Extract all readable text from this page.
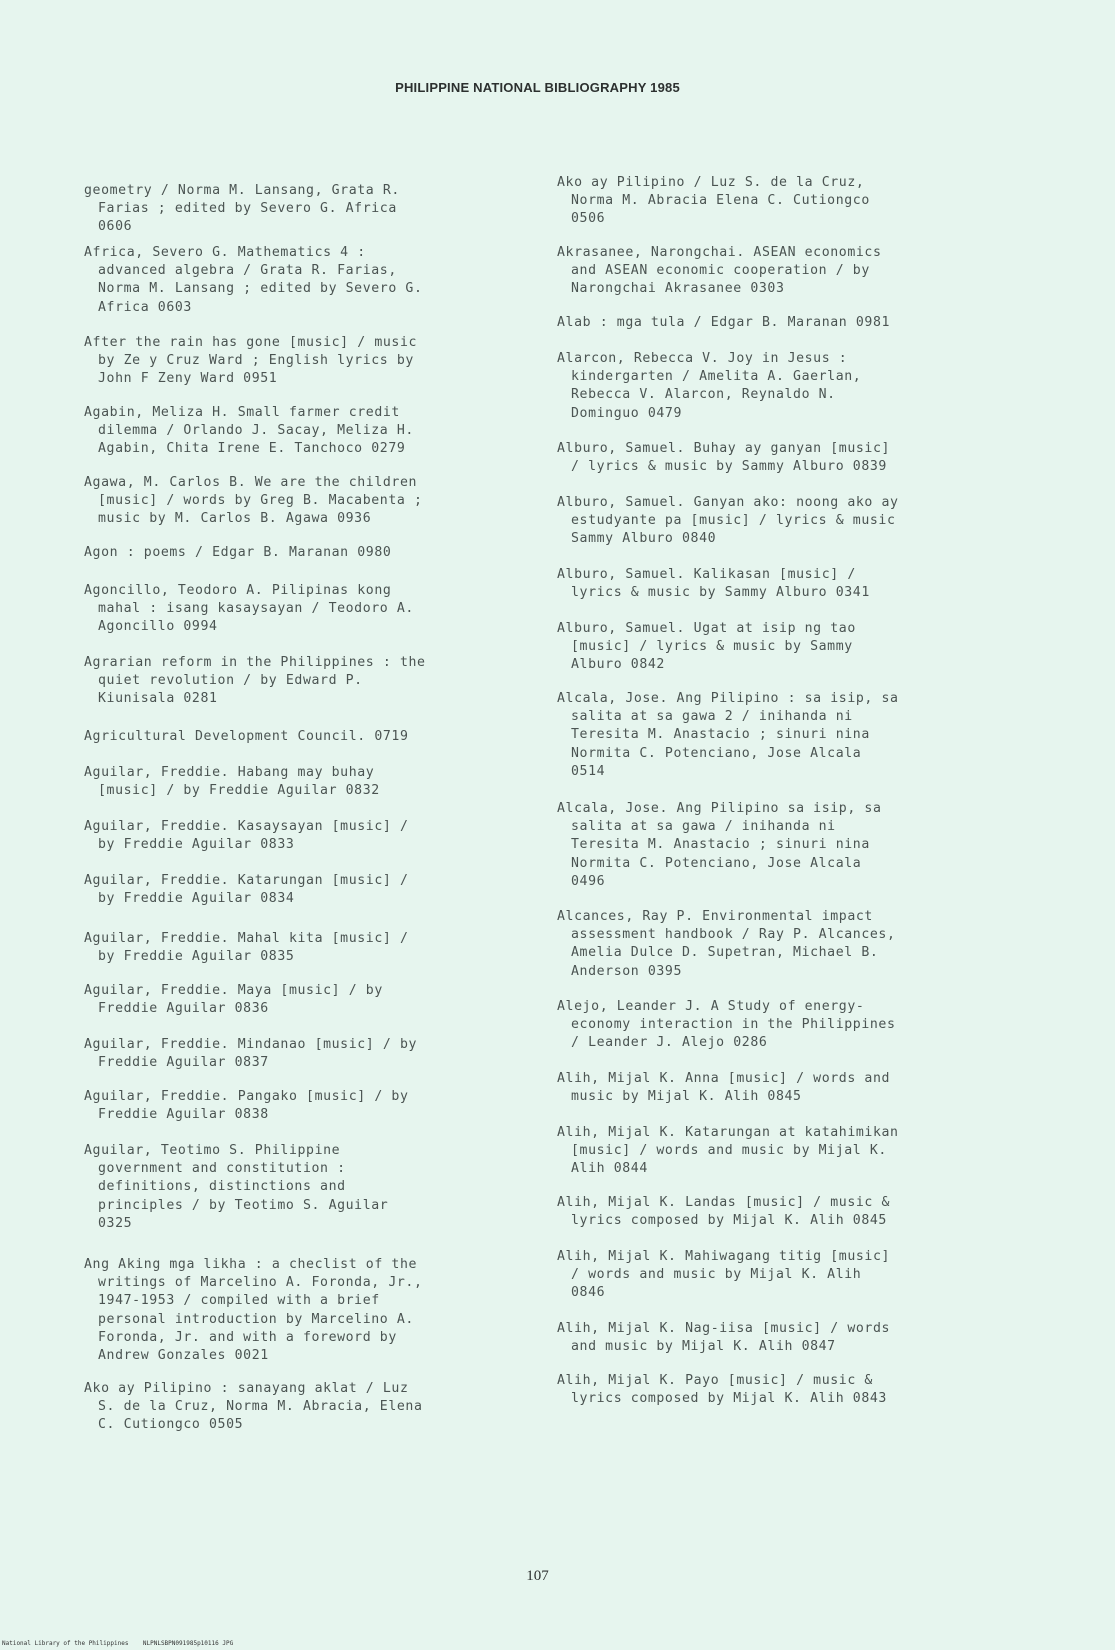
PHILIPPINE NATIONAL BIBLIOGRAPHY 1985
geometry / Norma M. Lansang, Grata R.
Farias ; edited by Severo G. Africa
0606
Africa, Severo G. Mathematics 4 :
advanced algebra / Grata R. Farias,
Norma M. Lansang ; edited by Severo G.
Africa 0603
After the rain has gone [music] / music
by Ze y Cruz Ward ; English lyrics by
John F Zeny Ward 0951
Agabin, Meliza H. Small farmer credit
dilemma / Orlando J. Sacay, Meliza H.
Agabin, Chita Irene E. Tanchoco 0279
Agawa, M. Carlos B. We are the children
[music] / words by Greg B. Macabenta ;
music by M. Carlos B. Agawa 0936
Agon : poems / Edgar B. Maranan 0980
Agoncillo, Teodoro A. Pilipinas kong
mahal : isang kasaysayan / Teodoro A.
Agoncillo 0994
Agrarian reform in the Philippines : the
quiet revolution / by Edward P.
Kiunisala 0281
Agricultural Development Council. 0719
Aguilar, Freddie. Habang may buhay
[music] / by Freddie Aguilar 0832
Aguilar, Freddie. Kasaysayan [music] /
by Freddie Aguilar 0833
Aguilar, Freddie. Katarungan [music] /
by Freddie Aguilar 0834
Aguilar, Freddie. Mahal kita [music] /
by Freddie Aguilar 0835
Aguilar, Freddie. Maya [music] / by
Freddie Aguilar 0836
Aguilar, Freddie. Mindanao [music] / by
Freddie Aguilar 0837
Aguilar, Freddie. Pangako [music] / by
Freddie Aguilar 0838
Aguilar, Teotimo S. Philippine
government and constitution :
definitions, distinctions and
principles / by Teotimo S. Aguilar
0325
Ang Aking mga likha : a checlist of the
writings of Marcelino A. Foronda, Jr.,
1947-1953 / compiled with a brief
personal introduction by Marcelino A.
Foronda, Jr. and with a foreword by
Andrew Gonzales 0021
Ako ay Pilipino : sanayang aklat / Luz
S. de la Cruz, Norma M. Abracia, Elena
C. Cutiongco 0505
Ako ay Pilipino / Luz S. de la Cruz,
Norma M. Abracia Elena C. Cutiongco
0506
Akrasanee, Narongchai. ASEAN economics
and ASEAN economic cooperation / by
Narongchai Akrasanee 0303
Alab : mga tula / Edgar B. Maranan 0981
Alarcon, Rebecca V. Joy in Jesus :
kindergarten / Amelita A. Gaerlan,
Rebecca V. Alarcon, Reynaldo N.
Dominguo 0479
Alburo, Samuel. Buhay ay ganyan [music]
/ lyrics & music by Sammy Alburo 0839
Alburo, Samuel. Ganyan ako: noong ako ay
estudyante pa [music] / lyrics & music
Sammy Alburo 0840
Alburo, Samuel. Kalikasan [music] /
lyrics & music by Sammy Alburo 0341
Alburo, Samuel. Ugat at isip ng tao
[music] / lyrics & music by Sammy
Alburo 0842
Alcala, Jose. Ang Pilipino : sa isip, sa
salita at sa gawa 2 / inihanda ni
Teresita M. Anastacio ; sinuri nina
Normita C. Potenciano, Jose Alcala
0514
Alcala, Jose. Ang Pilipino sa isip, sa
salita at sa gawa / inihanda ni
Teresita M. Anastacio ; sinuri nina
Normita C. Potenciano, Jose Alcala
0496
Alcances, Ray P. Environmental impact
assessment handbook / Ray P. Alcances,
Amelia Dulce D. Supetran, Michael B.
Anderson 0395
Alejo, Leander J. A Study of energy-
economy interaction in the Philippines
/ Leander J. Alejo 0286
Alih, Mijal K. Anna [music] / words and
music by Mijal K. Alih 0845
Alih, Mijal K. Katarungan at katahimikan
[music] / words and music by Mijal K.
Alih 0844
Alih, Mijal K. Landas [music] / music &
lyrics composed by Mijal K. Alih 0845
Alih, Mijal K. Mahiwagang titig [music]
/ words and music by Mijal K. Alih
0846
Alih, Mijal K. Nag-iisa [music] / words
and music by Mijal K. Alih 0847
Alih, Mijal K. Payo [music] / music &
lyrics composed by Mijal K. Alih 0843
107
National Library of the Philippines    NLPNLSBPN091985p10116 JPG
